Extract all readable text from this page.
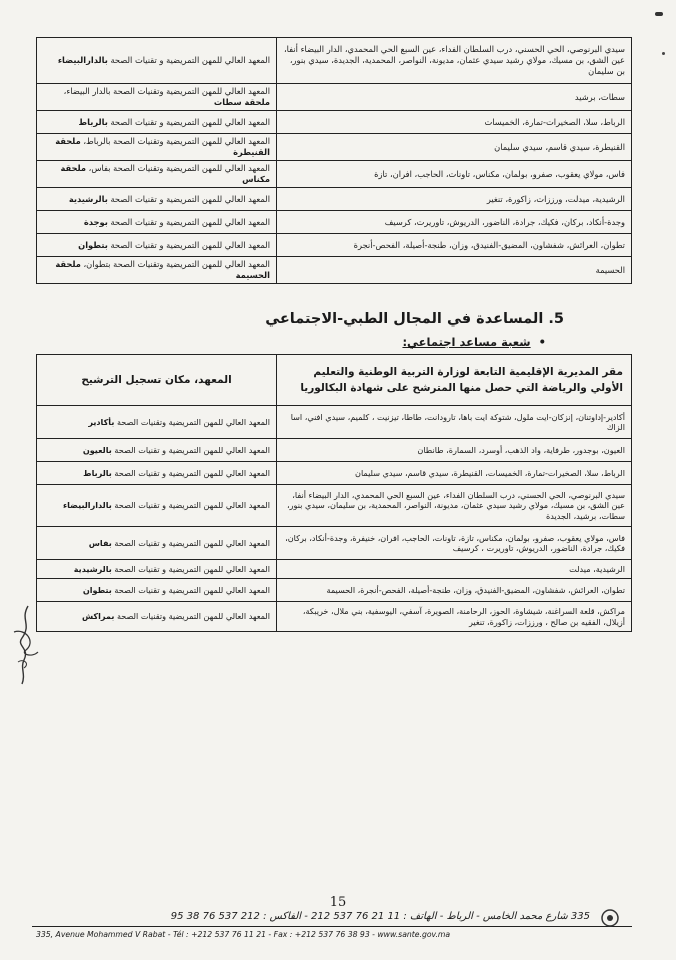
سيدي البرنوصي، الحي الحسني، درب السلطان الفداء، عين السبع الحي المحمدي، الدار البيضاء أنفا، عين الشق، بن مسيك، مولاي رشيد سيدي عثمان، مديونة، النواصر، المحمدية، الجديدة، سيدي بنور، بن سليمان	المعهد العالي للمهن التمريضية و تقنيات الصحة بالدارالبيضاء
سطات، برشيد	المعهد العالي للمهن التمريضية وتقنيات الصحة بالدار البيضاء، ملحقة سطات
الرباط، سلا، الصخيرات-تمارة، الخميسات	المعهد العالي للمهن التمريضية و تقنيات الصحة بالرباط
القنيطرة، سيدي قاسم، سيدي سليمان	المعهد العالي للمهن التمريضية وتقنيات الصحة بالرباط، ملحقة القنيطرة
فاس، مولاي يعقوب، صفرو، بولمان، مكناس، تاونات، الحاجب، افران، تازة	المعهد العالي للمهن التمريضية وتقنيات الصحة بفاس، ملحقة مكناس
الرشيدية، ميدلت، ورززات، زاكورة، تنغير	المعهد العالي للمهن التمريضية و تقنيات الصحة بالرشيدية
وجدة-أنكاد، بركان، فكيك، جرادة، الناضور، الدريوش، تاوريرت، كرسيف	المعهد العالي للمهن التمريضية و تقنيات الصحة بوجدة
تطوان، العرائش، شفشاون، المضيق-الفنيدق، وزان، طنجة-أصيلة، الفحص-أنجرة	المعهد العالي للمهن التمريضية و تقنيات الصحة بتطوان
الحسيمة	المعهد العالي للمهن التمريضية وتقنيات الصحة بتطوان، ملحقة الحسيمة
5. المساعدة في المجال الطبي-الاجتماعي
•  شعبة مساعد اجتماعي:
مقر المديرية الإقليمية التابعة لوزارة التربية الوطنية والتعليم الأولي والرياضة التي حصل منها المترشح على شهادة البكالوريا	المعهد، مكان تسجيل الترشيح
أكادير-إداوتنان، إنزكان-ايت ملول، شتوكة ايت باها، تارودانت، طاطا، تيزنيت ، كلميم، سيدي افني، اسا الزاك	المعهد العالي للمهن التمريضية وتقنيات الصحة بأكادير
العيون، بوجدور، طرفاية، واد الذهب، أوسرد، السمارة، طانطان	المعهد العالي للمهن التمريضية و تقنيات الصحة بالعيون
الرباط، سلا، الصخيرات-تمارة، الخميسات، القنيطرة، سيدي قاسم، سيدي سليمان	المعهد العالي للمهن التمريضية و تقنيات الصحة بالرباط
سيدي البرنوصي، الحي الحسني، درب السلطان الفداء، عين السبع الحي المحمدي، الدار البيضاء أنفا، عين الشق، بن مسيك، مولاي رشيد سيدي عثمان، مديونة، النواصر، المحمدية، بن سليمان، سيدي بنور، سطات، برشيد، الجديدة	المعهد العالي للمهن التمريضية و تقنيات الصحة بالدارالبيضاء
فاس، مولاي يعقوب، صفرو، بولمان، مكناس، تازة، تاونات، الحاجب، افران، خنيفرة، وجدة-أنكاد، بركان، فكيك، جرادة، الناضور، الدريوش، تاوريرت ، كرسيف	المعهد العالي للمهن التمريضية و تقنيات الصحة بفاس
الرشيدية، ميدلت	المعهد العالي للمهن التمريضية و تقنيات الصحة بالرشيدية
تطوان، العرائش، شفشاون، المضيق-الفنيدق، وزان، طنجة-أصيلة، الفحص-أنجرة، الحسيمة	المعهد العالي للمهن التمريضية و تقنيات الصحة بتطوان
مراكش، قلعة السراغنة، شيشاوة، الحوز، الرحامنة، الصويرة، آسفي، اليوسفية، بني ملال، خريبكة، أزيلال، الفقيه بن صالح ، ورززات، زاكورة، تنغير	المعهد العالي للمهن التمريضية وتقنيات الصحة بمراكش
15
335 شارع محمد الخامس - الرباط - الهاتف : 11 21 76 537 212 - الفاكس : 212 537 76 38 95
335, Avenue Mohammed V Rabat - Tél : +212 537 76 11 21 - Fax : +212 537 76 38 93 - www.sante.gov.ma
